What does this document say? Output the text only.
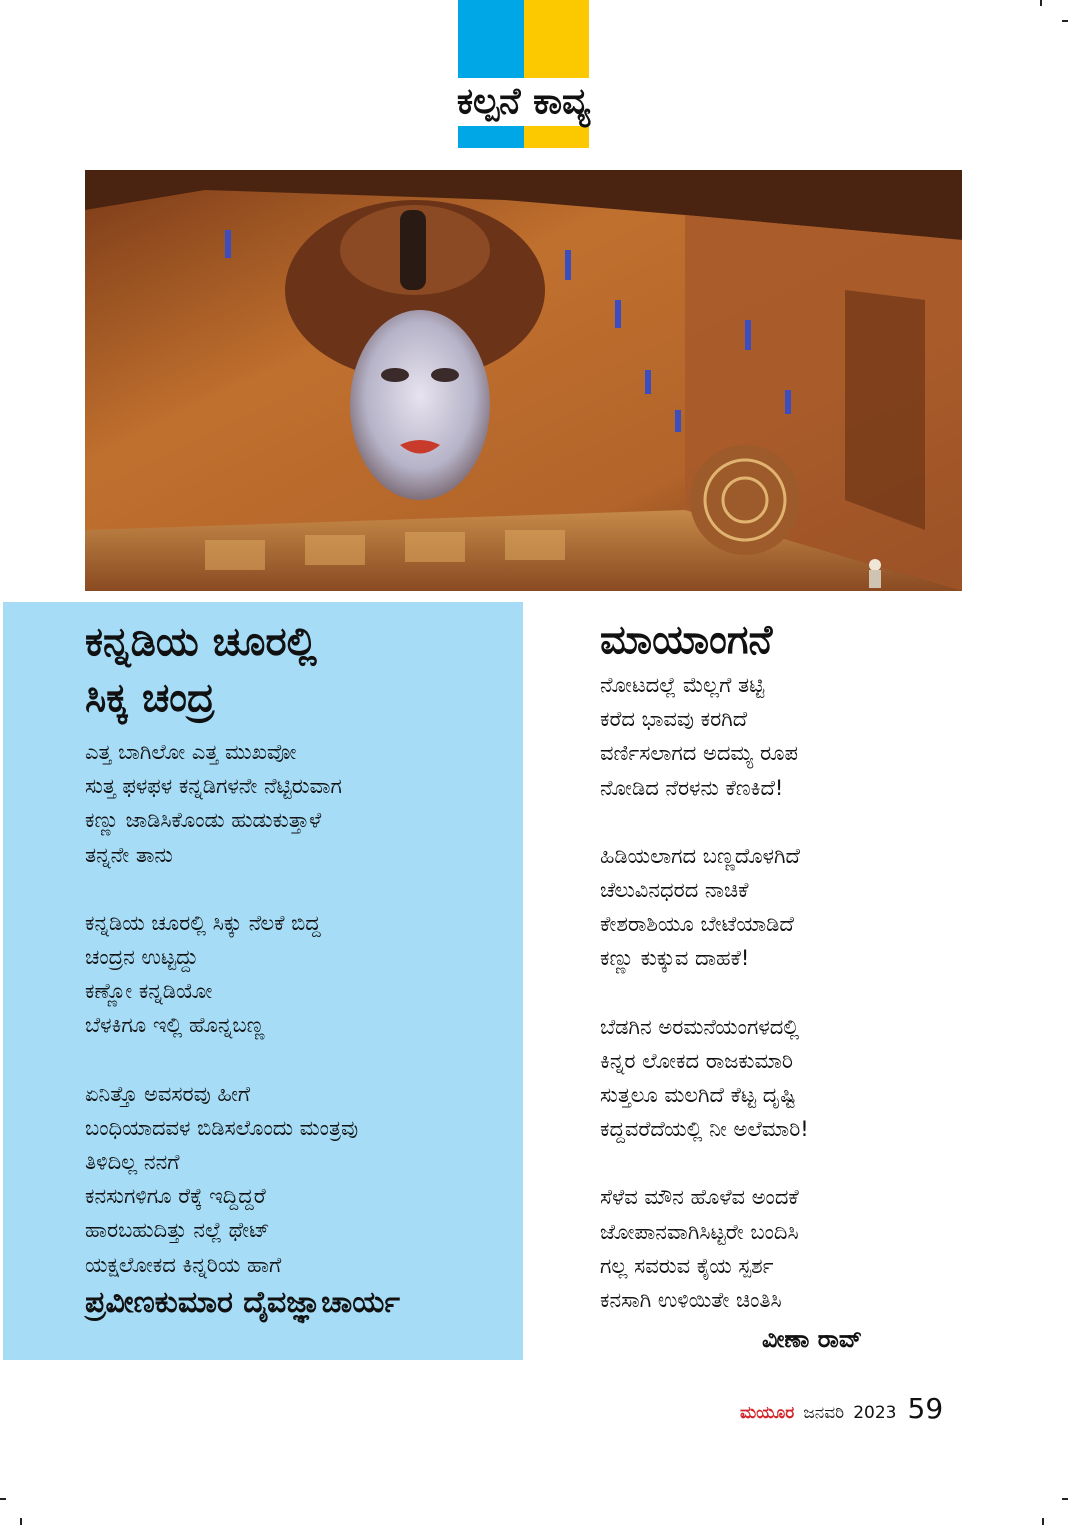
ಕಲ್ಪನೆ ಕಾವ್ಯ
ಕನ್ನಡಿಯ ಚೂರಲ್ಲಿ
ಸಿಕ್ಕ ಚಂದ್ರ
ಎತ್ತ ಬಾಗಿಲೋ ಎತ್ತ ಮುಖವೋ
ಸುತ್ತ ಫಳಫಳ ಕನ್ನಡಿಗಳನೇ ನೆಟ್ಟಿರುವಾಗ
ಕಣ್ಣು ಜಾಡಿಸಿಕೊಂಡು ಹುಡುಕುತ್ತಾಳೆ
ತನ್ನನೇ ತಾನು
ಕನ್ನಡಿಯ ಚೂರಲ್ಲಿ ಸಿಕ್ಕು ನೆಲಕೆ ಬಿದ್ದ
ಚಂದ್ರನ ಉಟ್ಟದ್ದು
ಕಣ್ಣೋ ಕನ್ನಡಿಯೋ
ಬೆಳಕಿಗೂ ಇಲ್ಲಿ ಹೊನ್ನಬಣ್ಣ
ಏನಿತ್ತೊ ಅವಸರವು ಹೀಗೆ
ಬಂಧಿಯಾದವಳ ಬಿಡಿಸಲೊಂದು ಮಂತ್ರವು
ತಿಳಿದಿಲ್ಲ ನನಗೆ
ಕನಸುಗಳಿಗೂ ರೆಕ್ಕೆ ಇದ್ದಿದ್ದರೆ
ಹಾರಬಹುದಿತ್ತು ನಲ್ಲೆ ಥೇಟ್
ಯಕ್ಷಲೋಕದ ಕಿನ್ನರಿಯ ಹಾಗೆ
ಪ್ರವೀಣಕುಮಾರ ದೈವಜ್ಞಾಚಾರ್ಯ
ಮಾಯಾಂಗನೆ
ನೋಟದಲ್ಲೆ ಮೆಲ್ಲಗೆ ತಟ್ಟಿ
ಕರೆದ ಭಾವವು ಕರಗಿದೆ
ವರ್ಣಿಸಲಾಗದ ಅದಮ್ಯ ರೂಪ
ನೋಡಿದ ನೆರಳನು ಕೆಣಕಿದೆ!
ಹಿಡಿಯಲಾಗದ ಬಣ್ಣದೊಳಗಿದೆ
ಚೆಲುವಿನಧರದ ನಾಚಿಕೆ
ಕೇಶರಾಶಿಯೂ ಬೇಟೆಯಾಡಿದೆ
ಕಣ್ಣು ಕುಕ್ಕುವ ದಾಹಕೆ!
ಬೆಡಗಿನ ಅರಮನೆಯಂಗಳದಲ್ಲಿ
ಕಿನ್ನರ ಲೋಕದ ರಾಜಕುಮಾರಿ
ಸುತ್ತಲೂ ಮಲಗಿದೆ ಕೆಟ್ಟ ದೃಷ್ಟಿ
ಕದ್ದವರೆದೆಯಲ್ಲಿ ನೀ ಅಲೆಮಾರಿ!
ಸೆಳೆವ ಮೌನ ಹೊಳೆವ ಅಂದಕೆ
ಜೋಪಾನವಾಗಿಸಿಟ್ಟರೇ ಬಂದಿಸಿ
ಗಲ್ಲ ಸವರುವ ಕೈಯ ಸ್ಪರ್ಶ
ಕನಸಾಗಿ ಉಳಿಯಿತೇ ಚಿಂತಿಸಿ
ವೀಣಾ ರಾವ್
ಮಯೂರ ಜನವರಿ 2023 59
